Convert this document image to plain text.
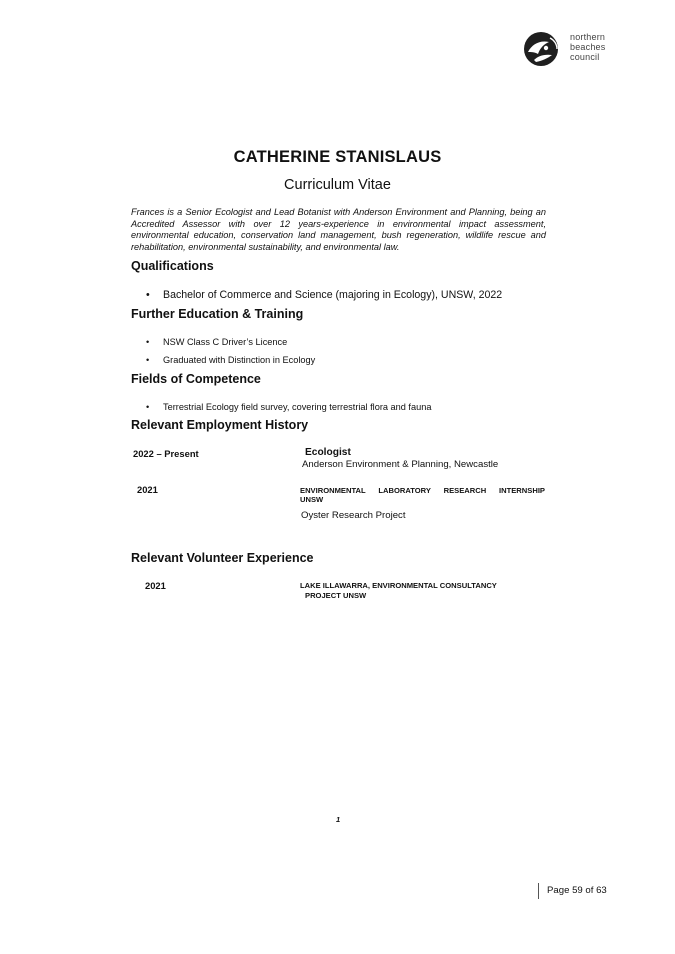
northern
beaches
council
CATHERINE STANISLAUS
Curriculum Vitae
Frances is a Senior Ecologist and Lead Botanist with Anderson Environment and Planning, being an Accredited Assessor with over 12 years-experience in environmental impact assessment, environmental education, conservation land management, bush regeneration, wildlife rescue and rehabilitation, environmental sustainability, and environmental law.
Qualifications
• Bachelor of Commerce and Science (majoring in Ecology), UNSW, 2022
Further Education & Training
• NSW Class C Driver’s Licence
• Graduated with Distinction in Ecology
Fields of Competence
• Terrestrial Ecology field survey, covering terrestrial flora and fauna
Relevant Employment History
2022 – Present	Ecologist
Anderson Environment & Planning, Newcastle
2021	ENVIRONMENTAL LABORATORY RESEARCH INTERNSHIP
UNSW
Oyster Research Project
Relevant Volunteer Experience
2021	LAKE ILLAWARRA, ENVIRONMENTAL CONSULTANCY
PROJECT UNSW
1
Page 59 of 63
